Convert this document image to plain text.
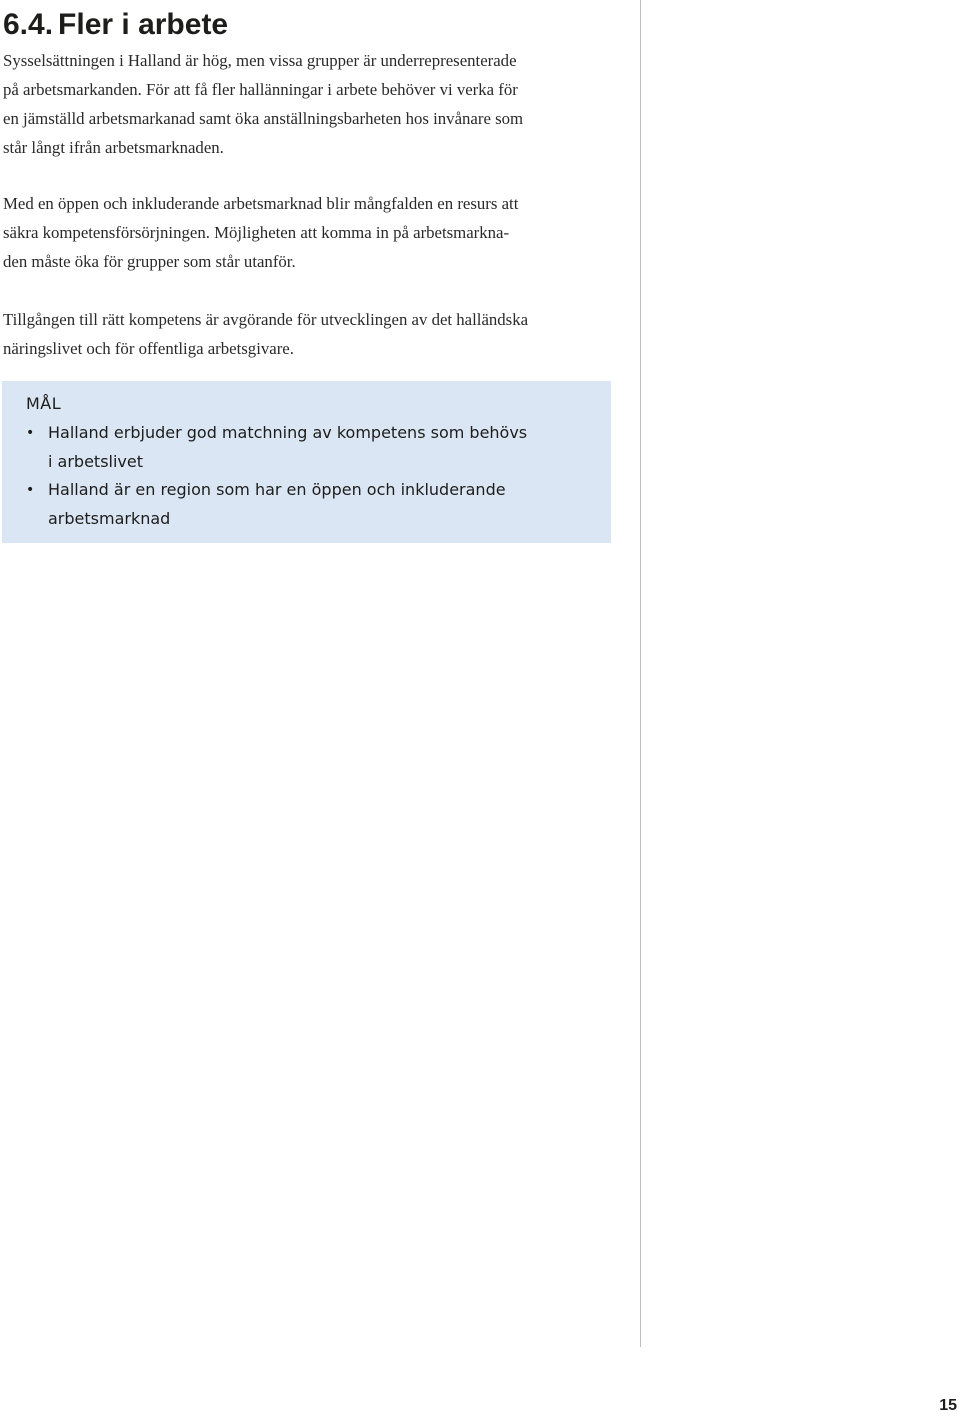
6.4. Fler i arbete

Sysselsättningen i Halland är hög, men vissa grupper är underrepresenterade
på arbetsmarkanden. För att få fler hallänningar i arbete behöver vi verka för
en jämställd arbetsmarkanad samt öka anställningsbarheten hos invånare som
står långt ifrån arbetsmarknaden.

Med en öppen och inkluderande arbetsmarknad blir mångfalden en resurs att
säkra kompetensförsörjningen. Möjligheten att komma in på arbetsmarkna-
den måste öka för grupper som står utanför.

Tillgången till rätt kompetens är avgörande för utvecklingen av det halländska
näringslivet och för offentliga arbetsgivare.

MÅL
• Halland erbjuder god matchning av kompetens som behövs
i arbetslivet
• Halland är en region som har en öppen och inkluderande
arbetsmarknad
15
